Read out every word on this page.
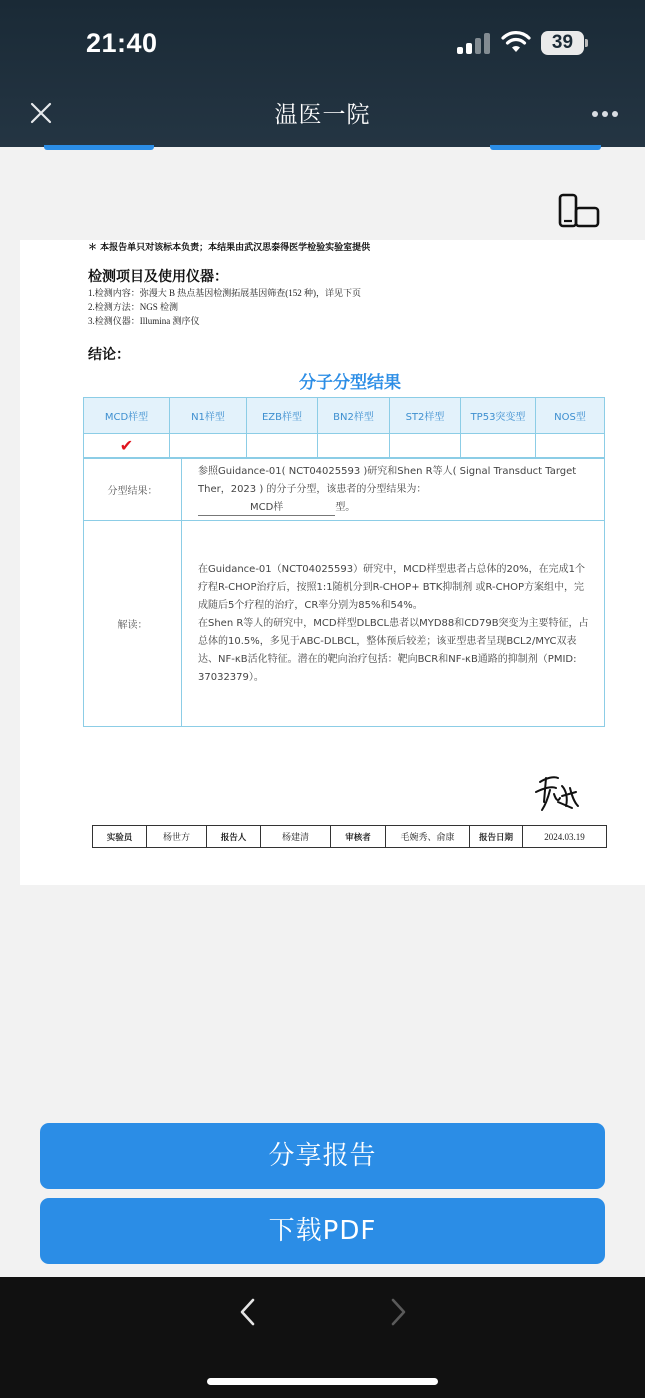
21:40	39
温医一院
＊ 本报告单只对该标本负责；本结果由武汉思泰得医学检验实验室提供
检测项目及使用仪器：
1.检测内容：弥漫大 B 热点基因检测拓展基因筛查(152 种)，详见下页
2.检测方法：NGS 检测
3.检测仪器：Illumina 测序仪
结论：
分子分型结果
MCD样型	N1样型	EZB样型	BN2样型	ST2样型	TP53突变型	NOS型
✔						
分型结果：	参照Guidance-01( NCT04025593 )研究和Shen R等人( Signal Transduct Target Ther，2023 ) 的分子分型，该患者的分型结果为：
MCD样 型。

解读：	在Guidance-01（NCT04025593）研究中，MCD样型患者占总体的20%，在完成1个疗程R-CHOP治疗后，按照1:1随机分到R-CHOP+ BTK抑制剂 或R-CHOP方案组中，完成随后5个疗程的治疗，CR率分别为85%和54%。
在Shen R等人的研究中，MCD样型DLBCL患者以MYD88和CD79B突变为主要特征，占总体的10.5%，多见于ABC-DLBCL，整体预后较差；该亚型患者呈现BCL2/MYC双表达、NF-κB活化特征。潜在的靶向治疗包括：靶向BCR和NF-κB通路的抑制剂（PMID: 37032379）。
实验员	杨世方	报告人	杨建清	审核者	毛婉秀、俞康	报告日期	2024.03.19
分享报告
下载PDF
